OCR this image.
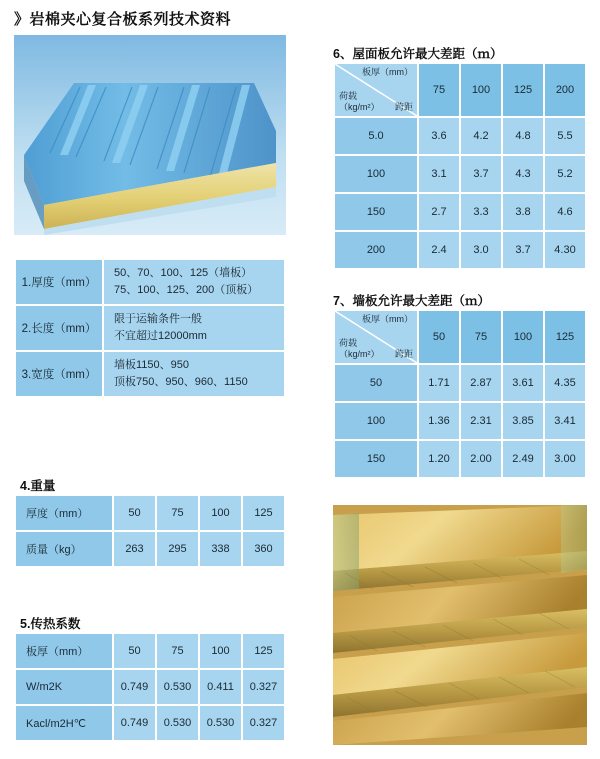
》岩棉夹心复合板系列技术资料
1.厚度（mm）	50、70、100、125（墙板）
75、100、125、200（顶板）

2.长度（mm）	限于运输条件一般
不宜超过12000mm

3.宽度（mm）	墙板1150、950
顶板750、950、960、1150
4.重量
厚度（mm）	50	75	100	125
质量（kg）	263	295	338	360
5.传热系数
板厚（mm）	50	75	100	125
W/m2K	0.749	0.530	0.411	0.327
Kacl/m2H℃	0.749	0.530	0.530	0.327
6、屋面板允许最大差距（ｍ）
板厚（mm）
荷载
（kg/m²） 跨距	75	100	125	200
5.0	3.6	4.2	4.8	5.5
100	3.1	3.7	4.3	5.2
150	2.7	3.3	3.8	4.6
200	2.4	3.0	3.7	4.30
7、墙板允许最大差距（ｍ）
板厚（mm）
荷载
（kg/m²） 跨距	50	75	100	125
50	1.71	2.87	3.61	4.35
100	1.36	2.31	3.85	3.41
150	1.20	2.00	2.49	3.00
